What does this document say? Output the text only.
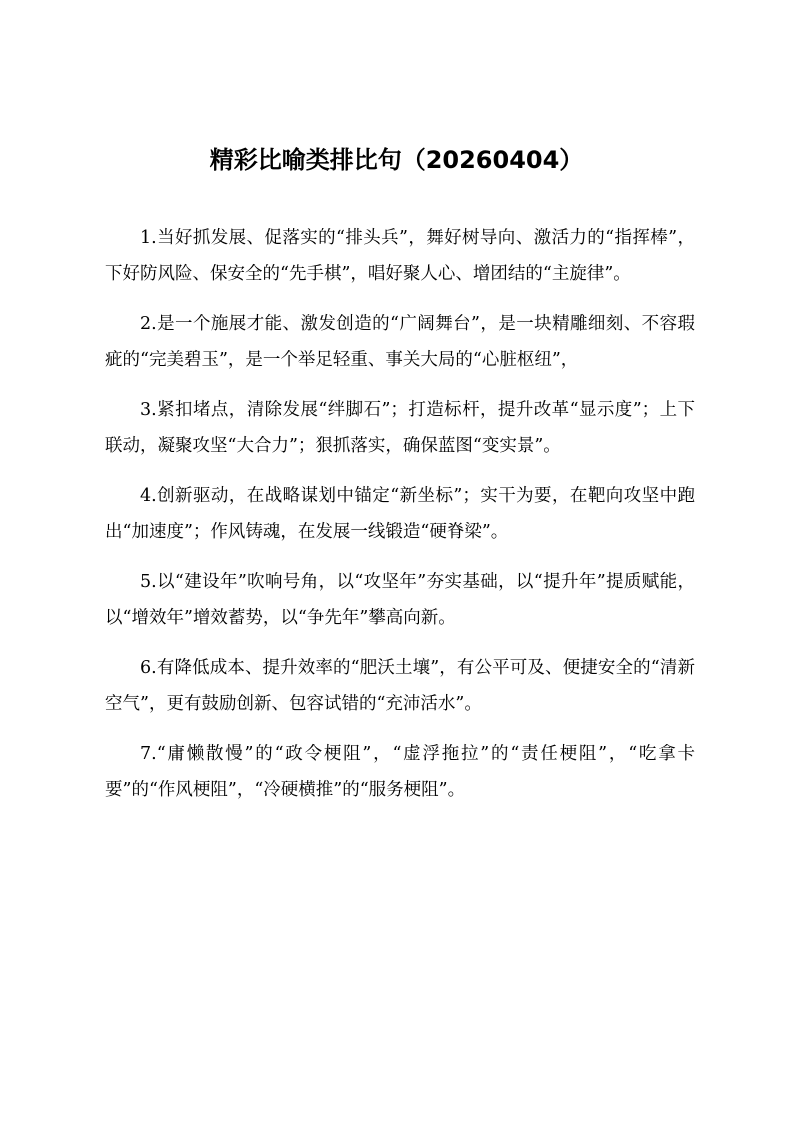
精彩比喻类排比句（20260404）

1.当好抓发展、促落实的“排头兵”，舞好树导向、激活力的“指挥棒”，下好防风险、保安全的“先手棋”，唱好聚人心、增团结的“主旋律”。

2.是一个施展才能、激发创造的“广阔舞台”，是一块精雕细刻、不容瑕疵的“完美碧玉”，是一个举足轻重、事关大局的“心脏枢纽”，

3.紧扣堵点，清除发展“绊脚石”；打造标杆，提升改革“显示度”；上下联动，凝聚攻坚“大合力”；狠抓落实，确保蓝图“变实景”。

4.创新驱动，在战略谋划中锚定“新坐标”；实干为要，在靶向攻坚中跑出“加速度”；作风铸魂，在发展一线锻造“硬脊梁”。

5.以“建设年”吹响号角，以“攻坚年”夯实基础，以“提升年”提质赋能，以“增效年”增效蓄势，以“争先年”攀高向新。

6.有降低成本、提升效率的“肥沃土壤”，有公平可及、便捷安全的“清新空气”，更有鼓励创新、包容试错的“充沛活水”。

7.“庸懒散慢”的“政令梗阻”，“虚浮拖拉”的“责任梗阻”，“吃拿卡要”的“作风梗阻”，“冷硬横推”的“服务梗阻”。
